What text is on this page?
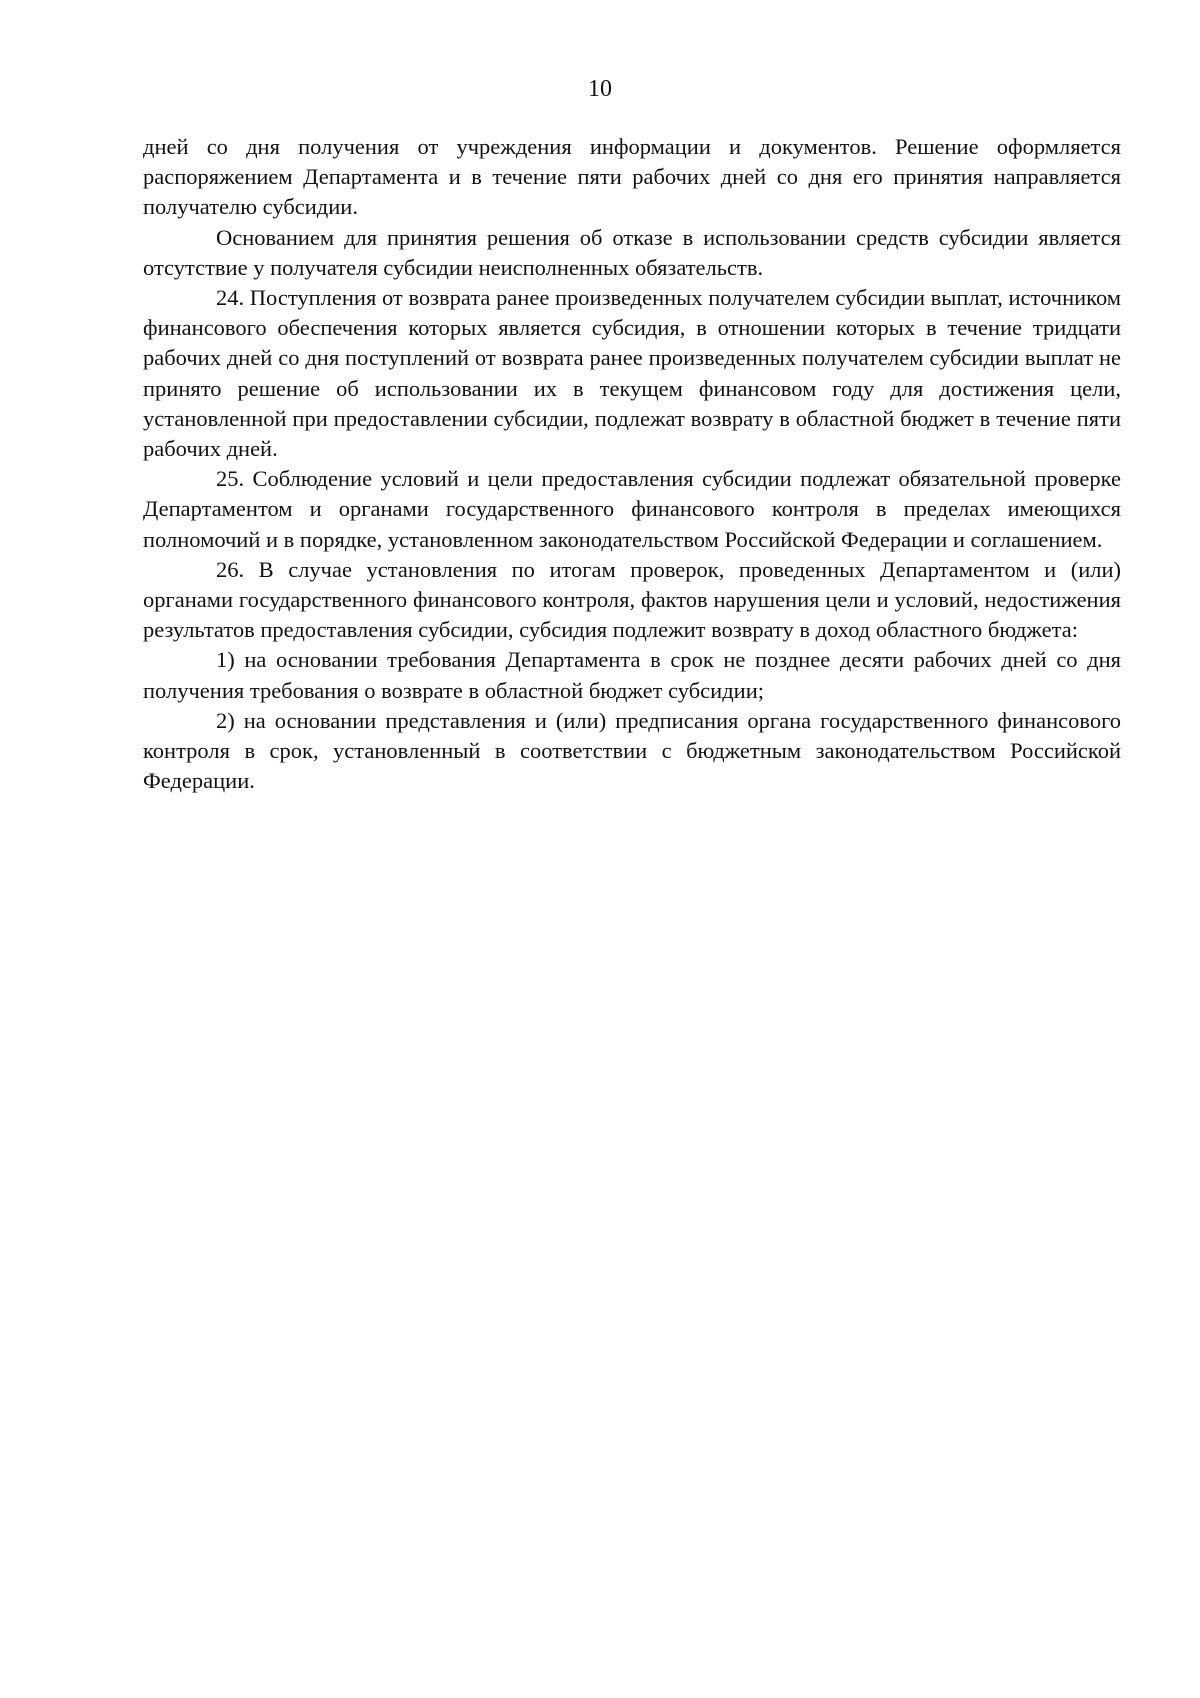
10

дней со дня получения от учреждения информации и документов. Решение оформляется распоряжением Департамента и в течение пяти рабочих дней со дня его принятия направляется получателю субсидии.

Основанием для принятия решения об отказе в использовании средств субсидии является отсутствие у получателя субсидии неисполненных обязательств.

24. Поступления от возврата ранее произведенных получателем субсидии выплат, источником финансового обеспечения которых является субсидия, в отношении которых в течение тридцати рабочих дней со дня поступлений от возврата ранее произведенных получателем субсидии выплат не принято решение об использовании их в текущем финансовом году для достижения цели, установленной при предоставлении субсидии, подлежат возврату в областной бюджет в течение пяти рабочих дней.

25. Соблюдение условий и цели предоставления субсидии подлежат обязательной проверке Департаментом и органами государственного финансового контроля в пределах имеющихся полномочий и в порядке, установленном законодательством Российской Федерации и соглашением.

26. В случае установления по итогам проверок, проведенных Департаментом и (или) органами государственного финансового контроля, фактов нарушения цели и условий, недостижения результатов предоставления субсидии, субсидия подлежит возврату в доход областного бюджета:

1) на основании требования Департамента в срок не позднее десяти рабочих дней со дня получения требования о возврате в областной бюджет субсидии;

2) на основании представления и (или) предписания органа государственного финансового контроля в срок, установленный в соответствии с бюджетным законодательством Российской Федерации.
